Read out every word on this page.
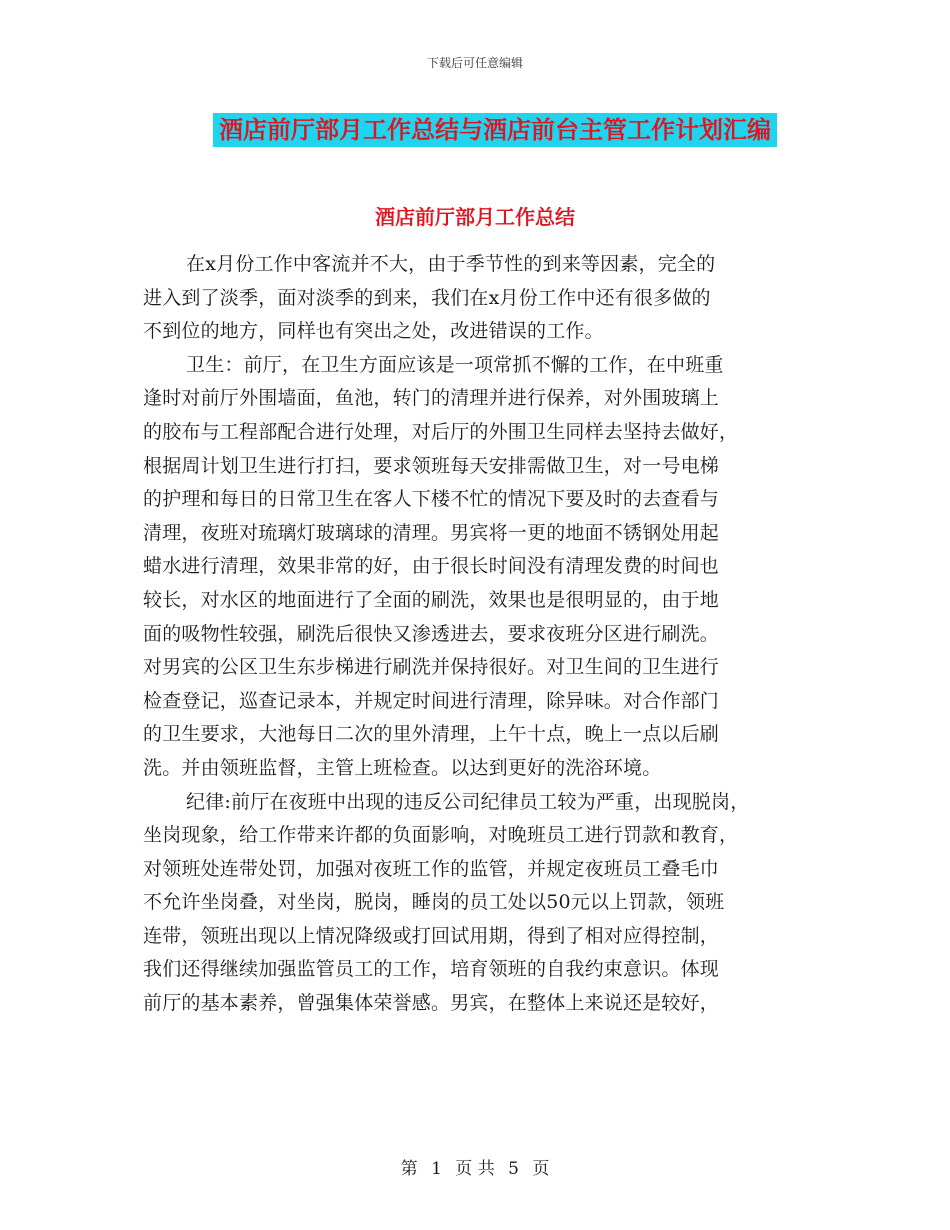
下载后可任意编辑
酒店前厅部月工作总结与酒店前台主管工作计划汇编
酒店前厅部月工作总结
在x月份工作中客流并不大，由于季节性的到来等因素，完全的
进入到了淡季，面对淡季的到来，我们在x月份工作中还有很多做的
不到位的地方，同样也有突出之处，改进错误的工作。
卫生：前厅，在卫生方面应该是一项常抓不懈的工作，在中班重
逢时对前厅外围墙面，鱼池，转门的清理并进行保养，对外围玻璃上
的胶布与工程部配合进行处理，对后厅的外围卫生同样去坚持去做好，
根据周计划卫生进行打扫，要求领班每天安排需做卫生，对一号电梯
的护理和每日的日常卫生在客人下楼不忙的情况下要及时的去查看与
清理，夜班对琉璃灯玻璃球的清理。男宾将一更的地面不锈钢处用起
蜡水进行清理，效果非常的好，由于很长时间没有清理发费的时间也
较长，对水区的地面进行了全面的刷洗，效果也是很明显的，由于地
面的吸物性较强，刷洗后很快又渗透进去，要求夜班分区进行刷洗。
对男宾的公区卫生东步梯进行刷洗并保持很好。对卫生间的卫生进行
检查登记，巡查记录本，并规定时间进行清理，除异味。对合作部门
的卫生要求，大池每日二次的里外清理，上午十点，晚上一点以后刷
洗。并由领班监督，主管上班检查。以达到更好的洗浴环境。
纪律:前厅在夜班中出现的违反公司纪律员工较为严重，出现脱岗，
坐岗现象，给工作带来许都的负面影响，对晚班员工进行罚款和教育，
对领班处连带处罚，加强对夜班工作的监管，并规定夜班员工叠毛巾
不允许坐岗叠，对坐岗，脱岗，睡岗的员工处以50元以上罚款，领班
连带，领班出现以上情况降级或打回试用期，得到了相对应得控制，
我们还得继续加强监管员工的工作，培育领班的自我约束意识。体现
前厅的基本素养，曾强集体荣誉感。男宾，在整体上来说还是较好，
第 1 页 共 5 页
